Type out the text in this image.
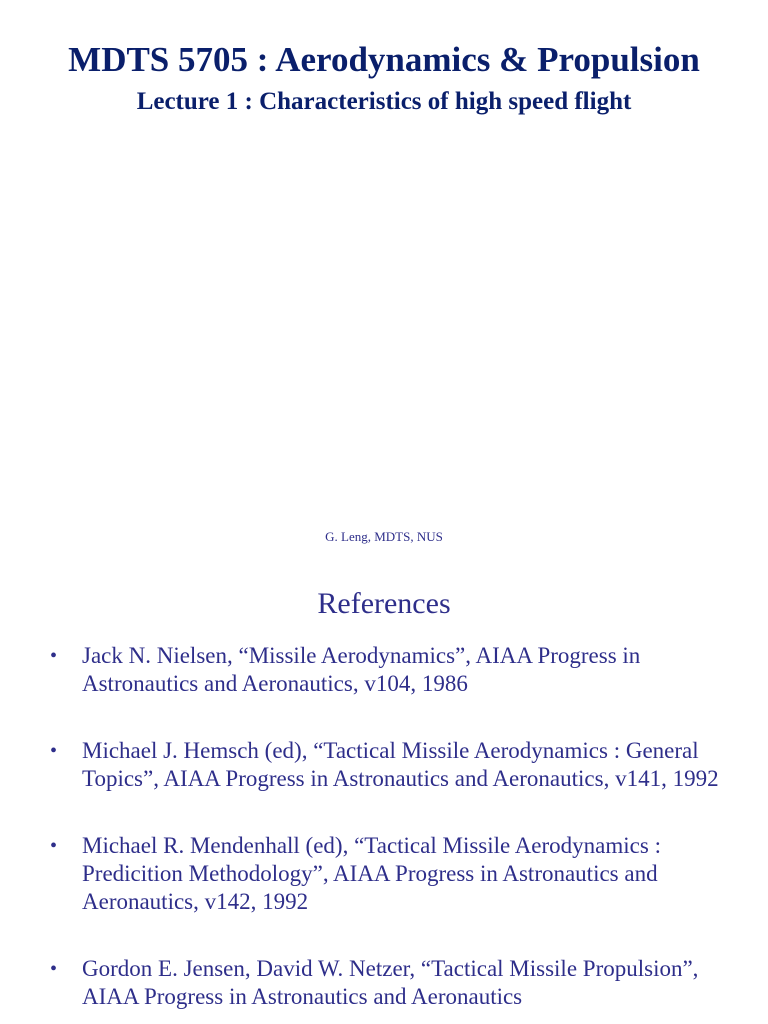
MDTS 5705 : Aerodynamics & Propulsion
Lecture 1 : Characteristics of high speed flight
G. Leng, MDTS, NUS
References
• Jack N. Nielsen, “Missile Aerodynamics”, AIAA Progress in Astronautics and Aeronautics, v104, 1986
• Michael J. Hemsch (ed), “Tactical Missile Aerodynamics : General Topics”, AIAA Progress in Astronautics and Aeronautics, v141, 1992
• Michael R. Mendenhall (ed), “Tactical Missile Aerodynamics : Predicition Methodology”, AIAA Progress in Astronautics and Aeronautics, v142, 1992
• Gordon E. Jensen, David W. Netzer, “Tactical Missile Propulsion”, AIAA Progress in Astronautics and Aeronautics
